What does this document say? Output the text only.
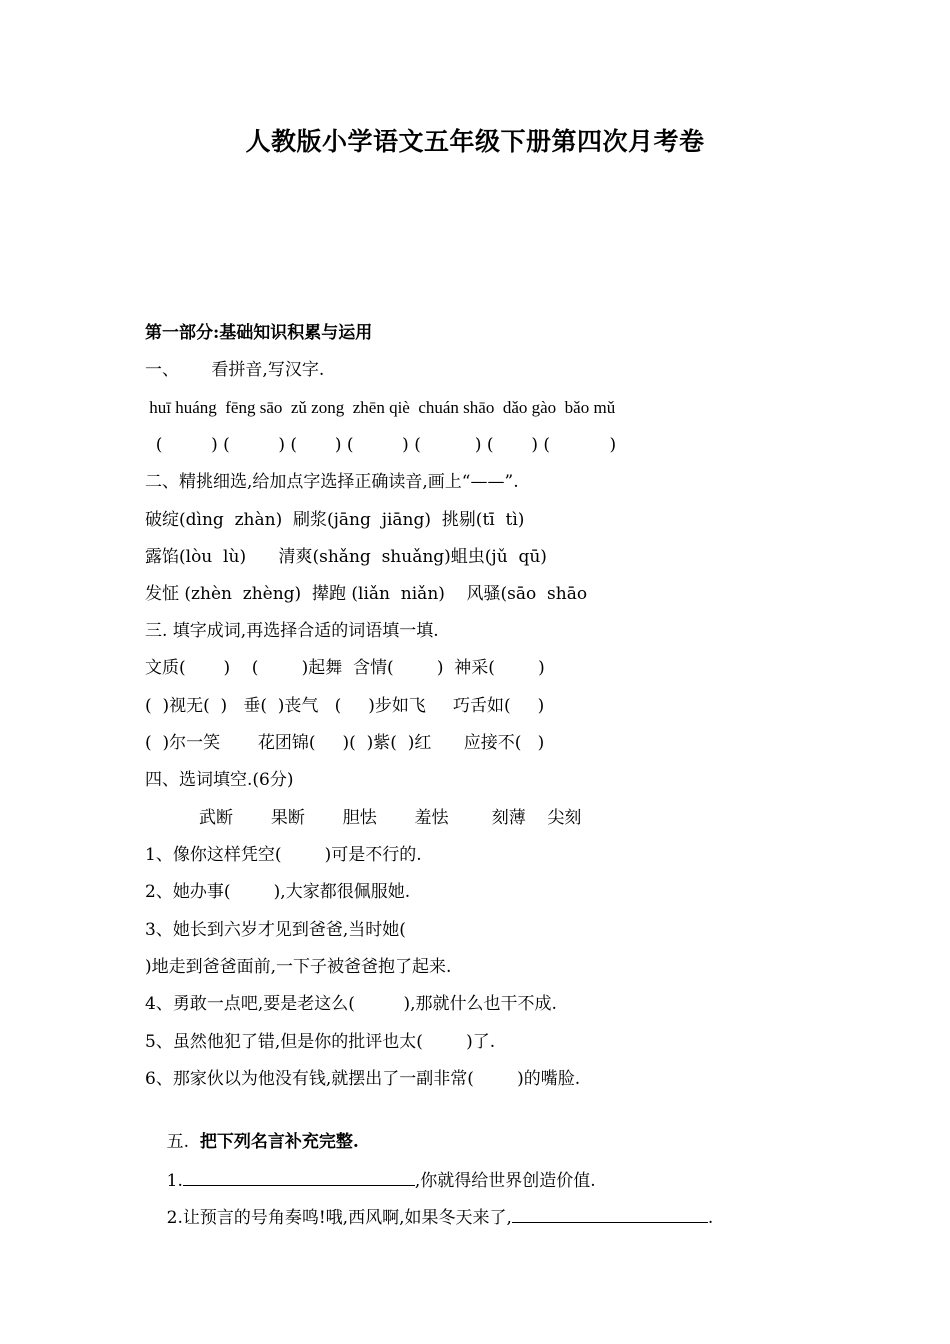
人教版小学语文五年级下册第四次月考卷
第一部分:基础知识积累与运用
一、      看拼音,写汉字.
huī huáng  fēng sāo  zǔ zong  zhēn qiè  chuán shāo  dǎo gào  bǎo mǔ
(         ) (         ) (       ) (         ) (          ) (       ) (           )
二、精挑细选,给加点字选择正确读音,画上“——”.
破绽(dìng  zhàn)  刷浆(jāng  jiāng)  挑剔(tī  tì)
露馅(lòu  lù)      清爽(shǎng  shuǎng)蛆虫(jǔ  qū)
发怔 (zhèn  zhèng)  撵跑 (liǎn  niǎn)    风骚(sāo  shāo
三. 填字成词,再选择合适的词语填一填.
文质(       )    (        )起舞  含情(        )  神采(        )
(  )视无(  )   垂(  )丧气   (     )步如飞     巧舌如(     )
(  )尔一笑       花团锦(     )(  )紫(  )红      应接不(   )
四、选词填空.(6分)
武断       果断       胆怯       羞怯        刻薄    尖刻
1、像你这样凭空(        )可是不行的.
2、她办事(        ),大家都很佩服她.
3、她长到六岁才见到爸爸,当时她(
)地走到爸爸面前,一下子被爸爸抱了起来.
4、勇敢一点吧,要是老这么(         ),那就什么也干不成.
5、虽然他犯了错,但是你的批评也太(        )了.
6、那家伙以为他没有钱,就摆出了一副非常(        )的嘴脸.

五.  把下列名言补充完整.

1.	,你就得给世界创造价值.

2.让预言的号角奏鸣!哦,西风啊,如果冬天来了,	.
